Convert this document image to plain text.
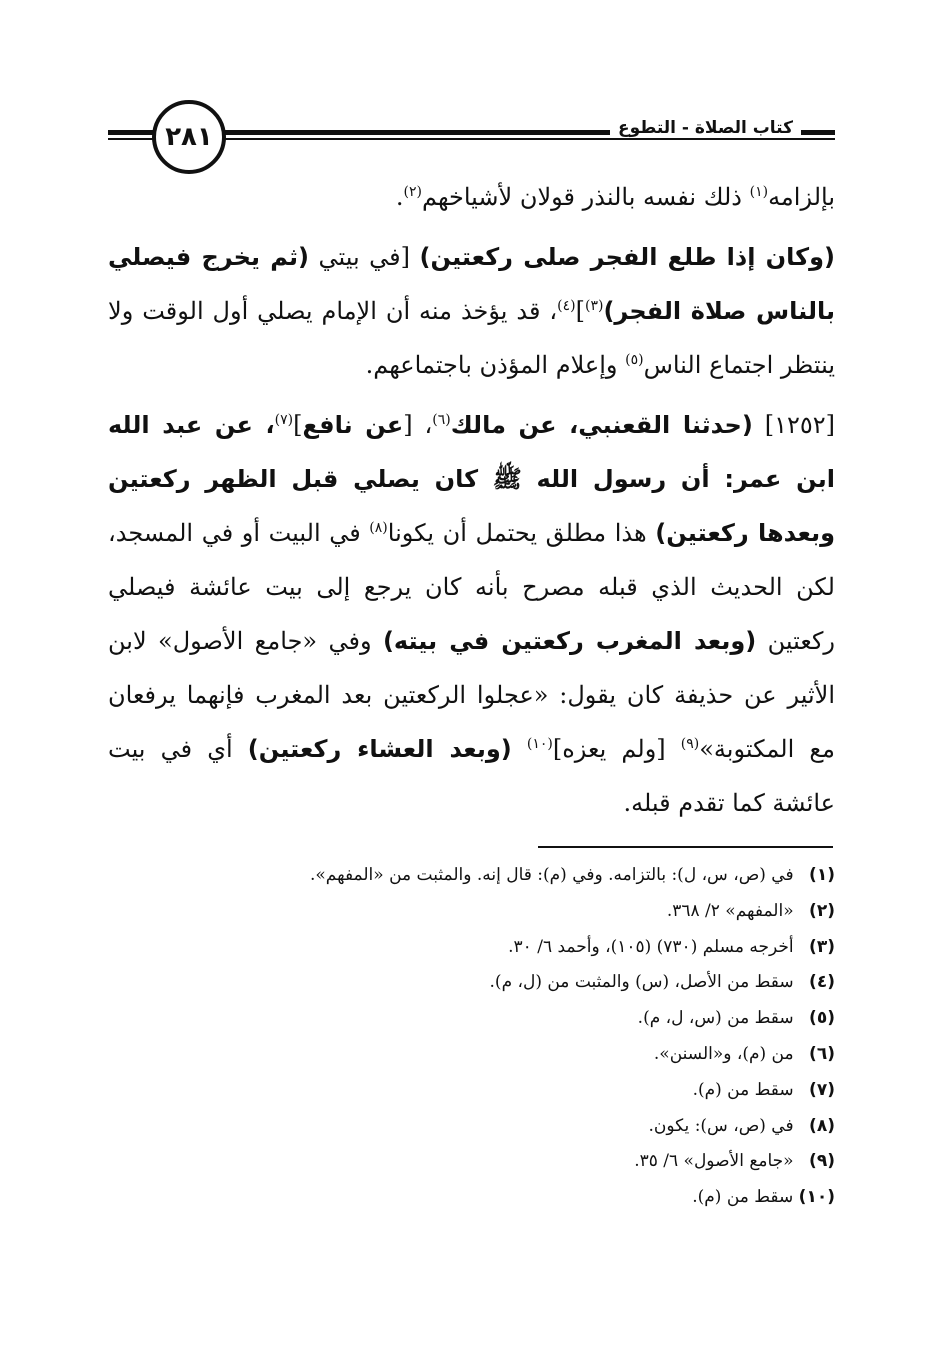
٢٨١	كتاب الصلاة - التطوع

بإلزامه$^{(١)}$ ذلك نفسه بالنذر قولان لأشياخهم$^{(٢)}$.

(وكان إذا طلع الفجر صلى ركعتين) [في بيتي (ثم يخرج فيصلي بالناس صلاة الفجر)$^{(٣)}$]$^{(٤)}$، قد يؤخذ منه أن الإمام يصلي أول الوقت ولا ينتظر اجتماع الناس$^{(٥)}$ وإعلام المؤذن باجتماعهم.

[١٢٥٢] (حدثنا القعنبي، عن مالك$^{(٦)}$، [عن نافع]$^{(٧)}$، عن عبد الله ابن عمر: أن رسول الله ﷺ كان يصلي قبل الظهر ركعتين وبعدها ركعتين) هذا مطلق يحتمل أن يكونا$^{(٨)}$ في البيت أو في المسجد، لكن الحديث الذي قبله مصرح بأنه كان يرجع إلى بيت عائشة فيصلي ركعتين (وبعد المغرب ركعتين في بيته) وفي «جامع الأصول» لابن الأثير عن حذيفة كان يقول: «عجلوا الركعتين بعد المغرب فإنهما يرفعان مع المكتوبة»$^{(٩)}$ [ولم يعزه]$^{(١٠)}$ (وبعد العشاء ركعتين) أي في بيت عائشة كما تقدم قبله.

(١) في (ص، س، ل): بالتزامه. وفي (م): قال إنه. والمثبت من «المفهم».
(٢) «المفهم» ٢/ ٣٦٨.
(٣) أخرجه مسلم (٧٣٠) (١٠٥)، وأحمد ٦/ ٣٠.
(٤) سقط من الأصل، (س) والمثبت من (ل، م).
(٥) سقط من (س، ل، م).
(٦) من (م)، و«السنن».
(٧) سقط من (م).
(٨) في (ص، س): يكون.
(٩) «جامع الأصول» ٦/ ٣٥.
(١٠) سقط من (م).
